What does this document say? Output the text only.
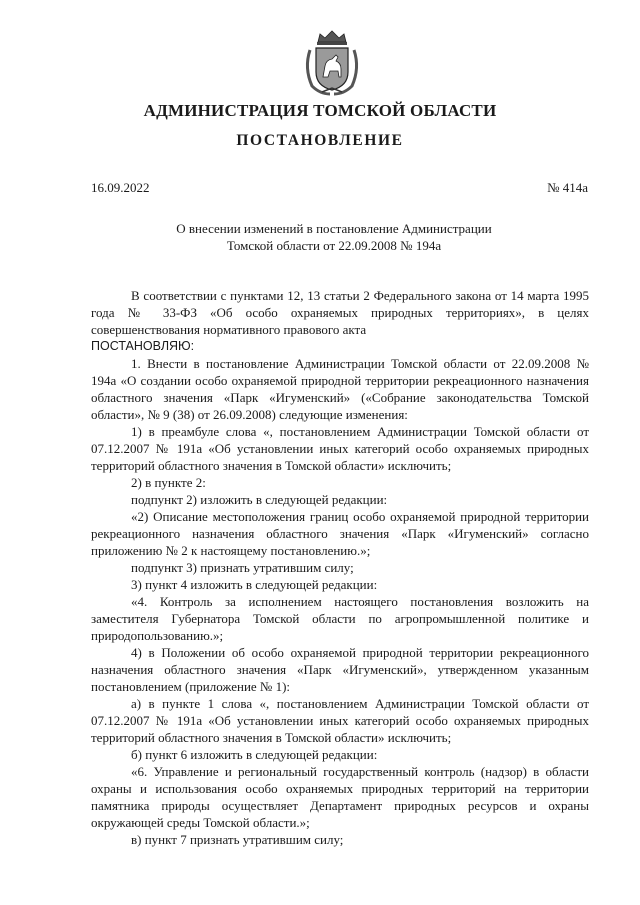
АДМИНИСТРАЦИЯ ТОМСКОЙ ОБЛАСТИ
ПОСТАНОВЛЕНИЕ
16.09.2022	№ 414а
О внесении изменений в постановление Администрации
Томской области от 22.09.2008 № 194а

В соответствии с пунктами 12, 13 статьи 2 Федерального закона от 14 марта 1995 года № 33-ФЗ «Об особо охраняемых природных территориях», в целях совершенствования нормативного правового акта

ПОСТАНОВЛЯЮ:

1. Внести в постановление Администрации Томской области от 22.09.2008 № 194а «О создании особо охраняемой природной территории рекреационного назначения областного значения «Парк «Игуменский» («Собрание законодательства Томской области», № 9 (38) от 26.09.2008) следующие изменения:

1) в преамбуле слова «, постановлением Администрации Томской области от 07.12.2007 № 191а «Об установлении иных категорий особо охраняемых природных территорий областного значения в Томской области» исключить;

2) в пункте 2:

подпункт 2) изложить в следующей редакции:

«2) Описание местоположения границ особо охраняемой природной территории рекреационного назначения областного значения «Парк «Игуменский» согласно приложению № 2 к настоящему постановлению.»;

подпункт 3) признать утратившим силу;

3) пункт 4 изложить в следующей редакции:

«4. Контроль за исполнением настоящего постановления возложить на заместителя Губернатора Томской области по агропромышленной политике и природопользованию.»;

4) в Положении об особо охраняемой природной территории рекреационного назначения областного значения «Парк «Игуменский», утвержденном указанным постановлением (приложение № 1):

а) в пункте 1 слова «, постановлением Администрации Томской области от 07.12.2007 № 191а «Об установлении иных категорий особо охраняемых природных территорий областного значения в Томской области» исключить;

б) пункт 6 изложить в следующей редакции:

«6. Управление и региональный государственный контроль (надзор) в области охраны и использования особо охраняемых природных территорий на территории памятника природы осуществляет Департамент природных ресурсов и охраны окружающей среды Томской области.»;

в) пункт 7 признать утратившим силу;
